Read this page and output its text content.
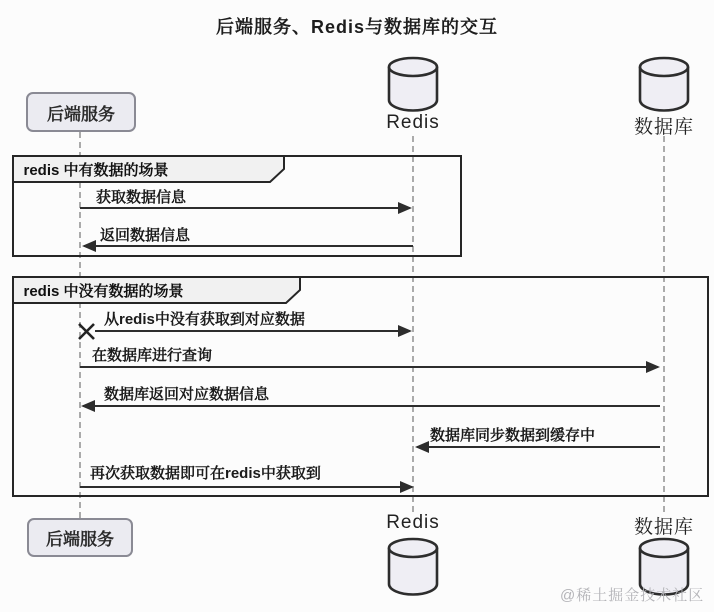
后端服务、Redis与数据库的交互
后端服务	Redis	数据库
redis 中有数据的场景
获取数据信息
返回数据信息
redis 中没有数据的场景
从redis中没有获取到对应数据
在数据库进行查询
数据库返回对应数据信息
数据库同步数据到缓存中
再次获取数据即可在redis中获取到
后端服务
Redis	数据库
@稀土掘金技术社区
